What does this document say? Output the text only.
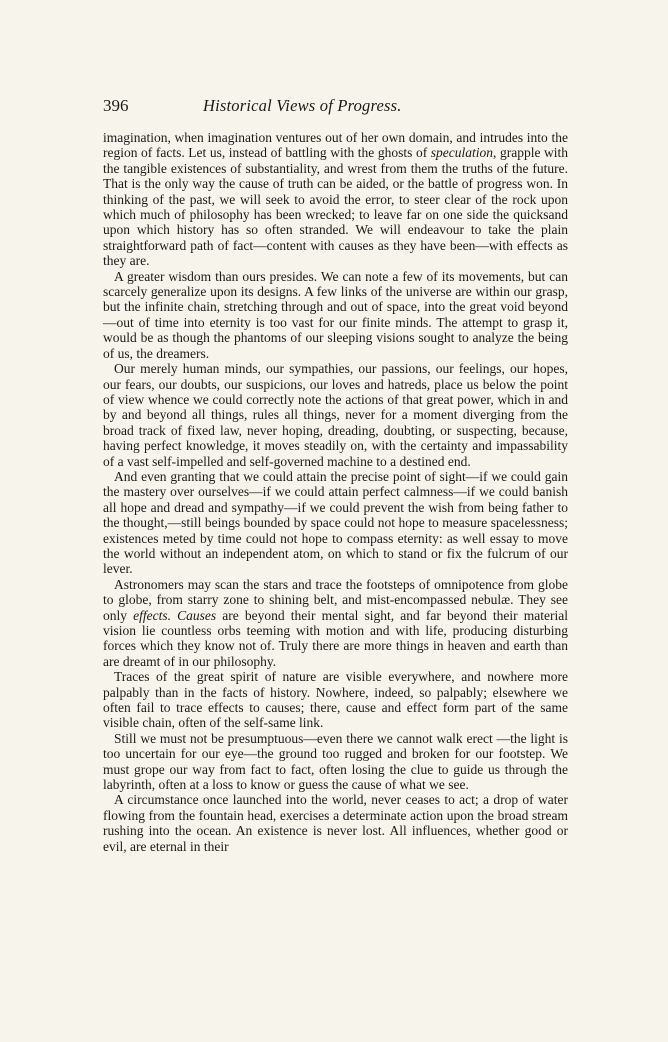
396	Historical Views of Progress.

imagination, when imagination ventures out of her own domain, and intrudes into the region of facts. Let us, instead of battling with the ghosts of speculation, grapple with the tangible existences of substantiality, and wrest from them the truths of the future. That is the only way the cause of truth can be aided, or the battle of progress won. In thinking of the past, we will seek to avoid the error, to steer clear of the rock upon which much of philosophy has been wrecked; to leave far on one side the quicksand upon which history has so often stranded. We will endeavour to take the plain straightforward path of fact—content with causes as they have been—with effects as they are.

A greater wisdom than ours presides. We can note a few of its movements, but can scarcely generalize upon its designs. A few links of the universe are within our grasp, but the infinite chain, stretching through and out of space, into the great void beyond—out of time into eternity is too vast for our finite minds. The attempt to grasp it, would be as though the phantoms of our sleeping visions sought to analyze the being of us, the dreamers.

Our merely human minds, our sympathies, our passions, our feelings, our hopes, our fears, our doubts, our suspicions, our loves and hatreds, place us below the point of view whence we could correctly note the actions of that great power, which in and by and beyond all things, rules all things, never for a moment diverging from the broad track of fixed law, never hoping, dreading, doubting, or suspecting, because, having perfect knowledge, it moves steadily on, with the certainty and impassability of a vast self-impelled and self-governed machine to a destined end.

And even granting that we could attain the precise point of sight—if we could gain the mastery over ourselves—if we could attain perfect calmness—if we could banish all hope and dread and sympathy—if we could prevent the wish from being father to the thought,—still beings bounded by space could not hope to measure spacelessness; existences meted by time could not hope to compass eternity: as well essay to move the world without an independent atom, on which to stand or fix the fulcrum of our lever.

Astronomers may scan the stars and trace the footsteps of omnipotence from globe to globe, from starry zone to shining belt, and mist-encompassed nebulæ. They see only effects. Causes are beyond their mental sight, and far beyond their material vision lie countless orbs teeming with motion and with life, producing disturbing forces which they know not of. Truly there are more things in heaven and earth than are dreamt of in our philosophy.

Traces of the great spirit of nature are visible everywhere, and nowhere more palpably than in the facts of history. Nowhere, indeed, so palpably; elsewhere we often fail to trace effects to causes; there, cause and effect form part of the same visible chain, often of the self-same link.

Still we must not be presumptuous—even there we cannot walk erect —the light is too uncertain for our eye—the ground too rugged and broken for our footstep. We must grope our way from fact to fact, often losing the clue to guide us through the labyrinth, often at a loss to know or guess the cause of what we see.

A circumstance once launched into the world, never ceases to act; a drop of water flowing from the fountain head, exercises a determinate action upon the broad stream rushing into the ocean. An existence is never lost. All influences, whether good or evil, are eternal in their
